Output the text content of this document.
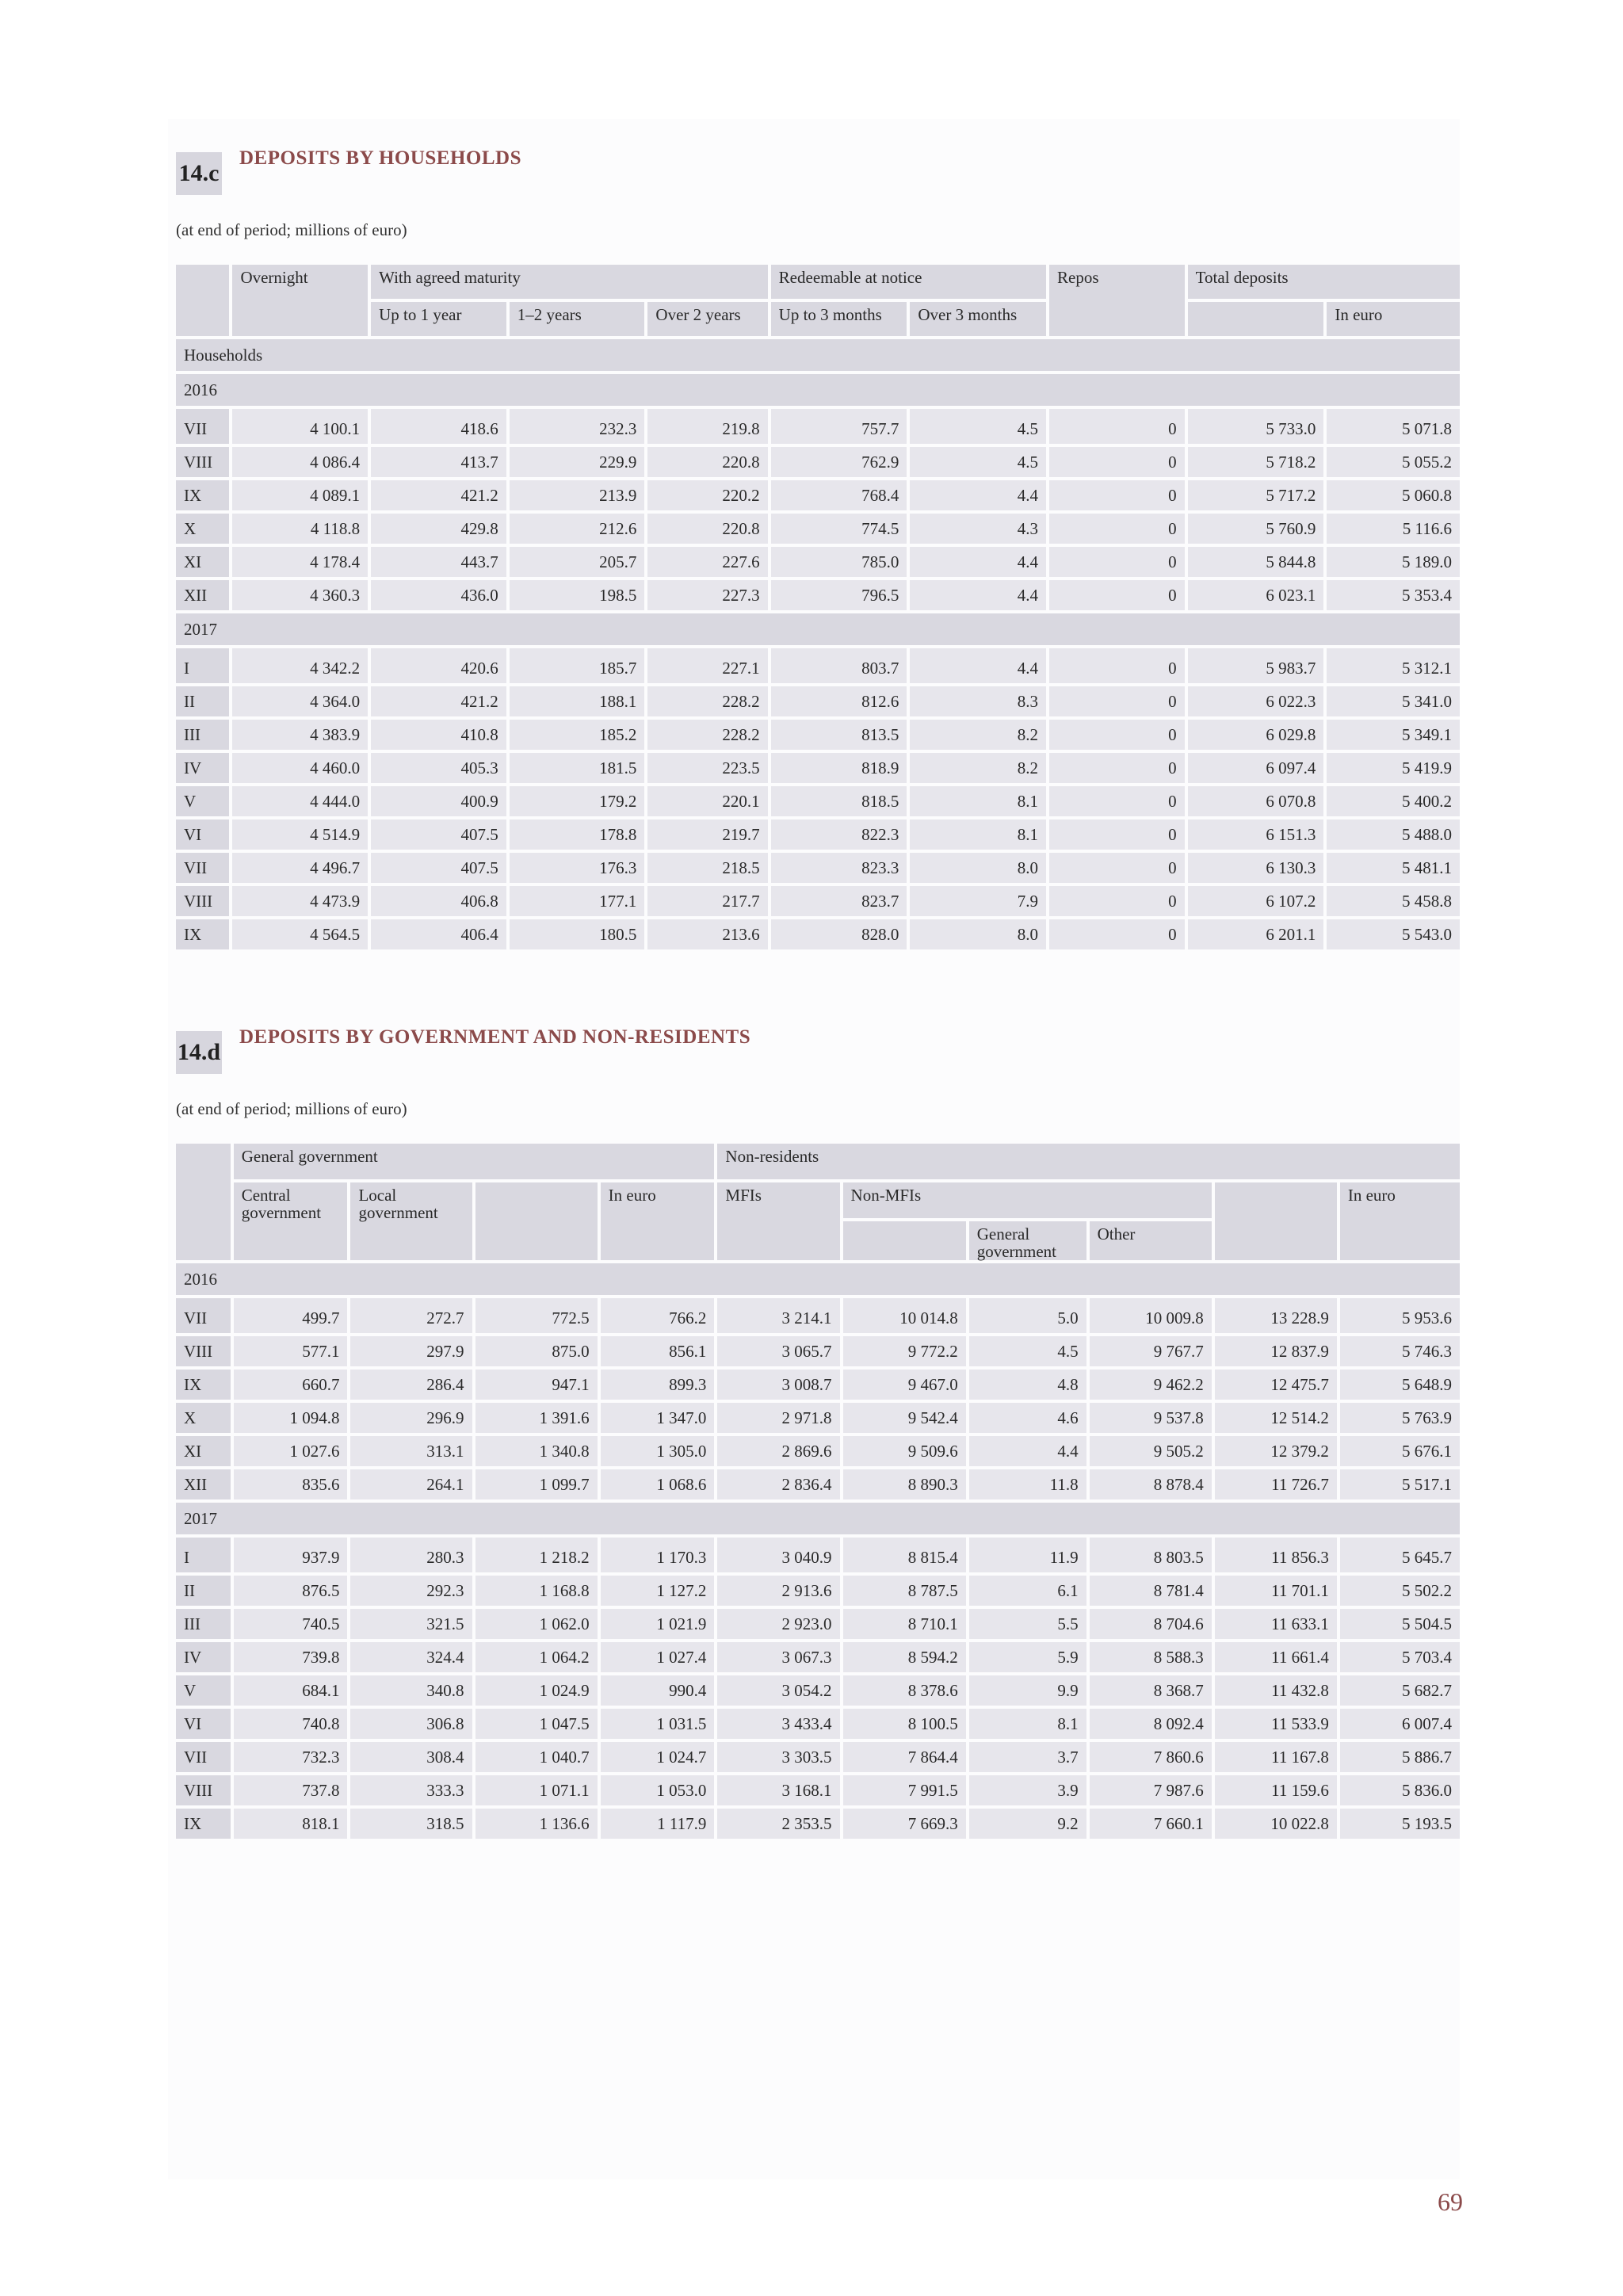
14.c
DEPOSITS BY HOUSEHOLDS
(at end of period; millions of euro)
	Overnight	With agreed maturity			Redeemable at notice		Repos	Total deposits	
		Up to 1 year	1–2 years	Over 2 years	Up to 3 months	Over 3 months			In euro
Households									
2016									
VII	4 100.1	418.6	232.3	219.8	757.7	4.5	0	5 733.0	5 071.8
VIII	4 086.4	413.7	229.9	220.8	762.9	4.5	0	5 718.2	5 055.2
IX	4 089.1	421.2	213.9	220.2	768.4	4.4	0	5 717.2	5 060.8
X	4 118.8	429.8	212.6	220.8	774.5	4.3	0	5 760.9	5 116.6
XI	4 178.4	443.7	205.7	227.6	785.0	4.4	0	5 844.8	5 189.0
XII	4 360.3	436.0	198.5	227.3	796.5	4.4	0	6 023.1	5 353.4
2017									
I	4 342.2	420.6	185.7	227.1	803.7	4.4	0	5 983.7	5 312.1
II	4 364.0	421.2	188.1	228.2	812.6	8.3	0	6 022.3	5 341.0
III	4 383.9	410.8	185.2	228.2	813.5	8.2	0	6 029.8	5 349.1
IV	4 460.0	405.3	181.5	223.5	818.9	8.2	0	6 097.4	5 419.9
V	4 444.0	400.9	179.2	220.1	818.5	8.1	0	6 070.8	5 400.2
VI	4 514.9	407.5	178.8	219.7	822.3	8.1	0	6 151.3	5 488.0
VII	4 496.7	407.5	176.3	218.5	823.3	8.0	0	6 130.3	5 481.1
VIII	4 473.9	406.8	177.1	217.7	823.7	7.9	0	6 107.2	5 458.8
IX	4 564.5	406.4	180.5	213.6	828.0	8.0	0	6 201.1	5 543.0
14.d
DEPOSITS BY GOVERNMENT AND NON-RESIDENTS
(at end of period; millions of euro)
	General government				Non-residents					
	Central government	Local government		In euro	MFIs	Non-MFIs				In euro
							General government	Other		
2016										
VII	499.7	272.7	772.5	766.2	3 214.1	10 014.8	5.0	10 009.8	13 228.9	5 953.6
VIII	577.1	297.9	875.0	856.1	3 065.7	9 772.2	4.5	9 767.7	12 837.9	5 746.3
IX	660.7	286.4	947.1	899.3	3 008.7	9 467.0	4.8	9 462.2	12 475.7	5 648.9
X	1 094.8	296.9	1 391.6	1 347.0	2 971.8	9 542.4	4.6	9 537.8	12 514.2	5 763.9
XI	1 027.6	313.1	1 340.8	1 305.0	2 869.6	9 509.6	4.4	9 505.2	12 379.2	5 676.1
XII	835.6	264.1	1 099.7	1 068.6	2 836.4	8 890.3	11.8	8 878.4	11 726.7	5 517.1
2017										
I	937.9	280.3	1 218.2	1 170.3	3 040.9	8 815.4	11.9	8 803.5	11 856.3	5 645.7
II	876.5	292.3	1 168.8	1 127.2	2 913.6	8 787.5	6.1	8 781.4	11 701.1	5 502.2
III	740.5	321.5	1 062.0	1 021.9	2 923.0	8 710.1	5.5	8 704.6	11 633.1	5 504.5
IV	739.8	324.4	1 064.2	1 027.4	3 067.3	8 594.2	5.9	8 588.3	11 661.4	5 703.4
V	684.1	340.8	1 024.9	990.4	3 054.2	8 378.6	9.9	8 368.7	11 432.8	5 682.7
VI	740.8	306.8	1 047.5	1 031.5	3 433.4	8 100.5	8.1	8 092.4	11 533.9	6 007.4
VII	732.3	308.4	1 040.7	1 024.7	3 303.5	7 864.4	3.7	7 860.6	11 167.8	5 886.7
VIII	737.8	333.3	1 071.1	1 053.0	3 168.1	7 991.5	3.9	7 987.6	11 159.6	5 836.0
IX	818.1	318.5	1 136.6	1 117.9	2 353.5	7 669.3	9.2	7 660.1	10 022.8	5 193.5
69
